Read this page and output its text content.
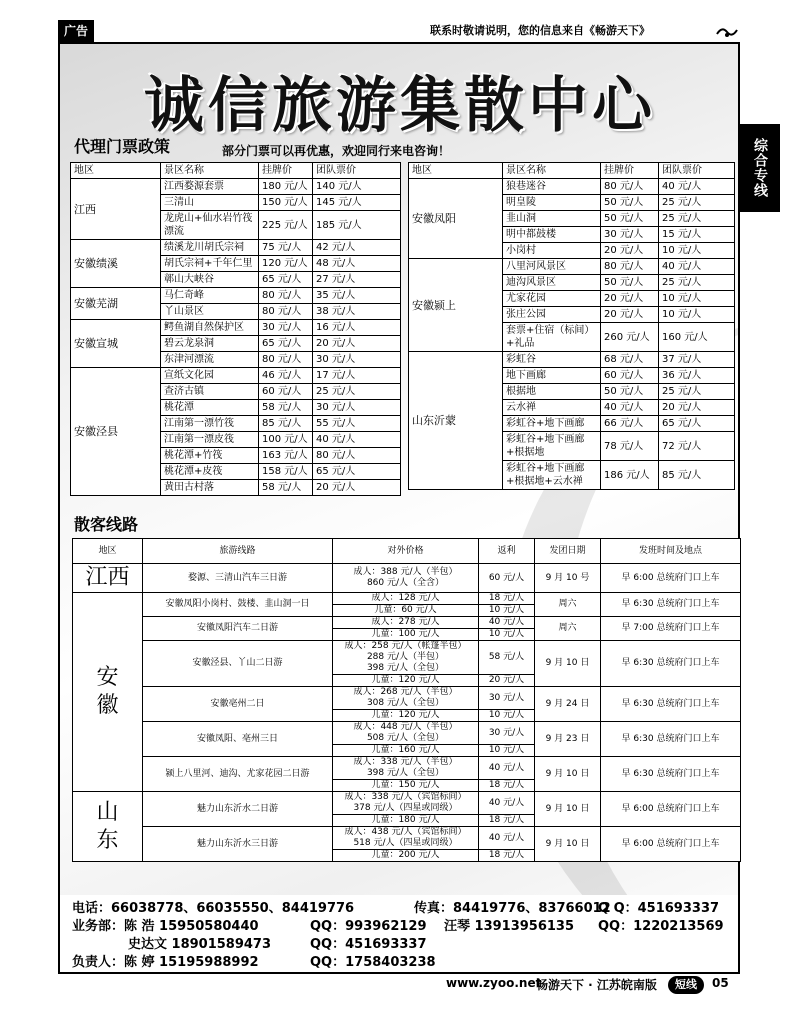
广告	联系时敬请说明，您的信息来自《畅游天下》
综合专线
诚信旅游集散中心
代理门票政策	部分门票可以再优惠，欢迎同行来电咨询！
地区	景区名称	挂牌价	团队票价
江西	江西婺源套票	180 元/人	140 元/人
	三清山	150 元/人	145 元/人
	龙虎山+仙水岩竹筏漂流	225 元/人	185 元/人
安徽绩溪	绩溪龙川胡氏宗祠	75 元/人	42 元/人
	胡氏宗祠+千年仁里	120 元/人	48 元/人
	鄣山大峡谷	65 元/人	27 元/人
安徽芜湖	马仁奇峰	80 元/人	35 元/人
	丫山景区	80 元/人	38 元/人
安徽宣城	鳄鱼湖自然保护区	30 元/人	16 元/人
	碧云龙泉洞	65 元/人	20 元/人
	东津河漂流	80 元/人	30 元/人
安徽泾县	宣纸文化园	46 元/人	17 元/人
	查济古镇	60 元/人	25 元/人
	桃花潭	58 元/人	30 元/人
	江南第一漂竹筏	85 元/人	55 元/人
	江南第一漂皮筏	100 元/人	40 元/人
	桃花潭+竹筏	163 元/人	80 元/人
	桃花潭+皮筏	158 元/人	65 元/人
	黄田古村落	58 元/人	20 元/人
地区	景区名称	挂牌价	团队票价
安徽凤阳	狼巷迷谷	80 元/人	40 元/人
	明皇陵	50 元/人	25 元/人
	韭山洞	50 元/人	25 元/人
	明中都鼓楼	30 元/人	15 元/人
	小岗村	20 元/人	10 元/人
安徽颍上	八里河风景区	80 元/人	40 元/人
	迪沟风景区	50 元/人	25 元/人
	尤家花园	20 元/人	10 元/人
	张庄公园	20 元/人	10 元/人
	套票+住宿（标间）+礼品	260 元/人	160 元/人
山东沂蒙	彩虹谷	68 元/人	37 元/人
	地下画廊	60 元/人	36 元/人
	根据地	50 元/人	25 元/人
	云水禅	40 元/人	20 元/人
	彩虹谷+地下画廊	66 元/人	65 元/人
	彩虹谷+地下画廊+根据地	78 元/人	72 元/人
	彩虹谷+地下画廊+根据地+云水禅	186 元/人	85 元/人
散客线路
地区	旅游线路	对外价格	返利	发团日期	发班时间及地点
江西	婺源、三清山汽车三日游	成人：388 元/人（半包）
860 元/人（全含）	60 元/人	9 月 10 号	早 6:00 总统府门口上车
安
徽	安徽凤阳小岗村、鼓楼、韭山洞一日	成人：128 元/人	18 元/人	周六	早 6:30 总统府门口上车
		儿童：60 元/人	10 元/人		
	安徽凤阳汽车二日游	成人：278 元/人	40 元/人	周六	早 7:00 总统府门口上车
		儿童：100 元/人	10 元/人		
	安徽泾县、丫山二日游	成人：258 元/人（帐篷半包）
288 元/人（半包）
398 元/人（全包）	58 元/人	9 月 10 日	早 6:30 总统府门口上车
		儿童：120 元/人	20 元/人		
	安徽亳州二日	成人：268 元/人（半包）
308 元/人（全包）	30 元/人	9 月 24 日	早 6:30 总统府门口上车
		儿童：120 元/人	10 元/人		
	安徽凤阳、亳州三日	成人：448 元/人（半包）
508 元/人（全包）	30 元/人	9 月 23 日	早 6:30 总统府门口上车
		儿童：160 元/人	10 元/人		
	颍上八里河、迪沟、尤家花园二日游	成人：338 元/人（半包）
398 元/人（全包）	40 元/人	9 月 10 日	早 6:30 总统府门口上车
		儿童：150 元/人	18 元/人		
山
东	魅力山东沂水二日游	成人：338 元/人（宾馆标间）
378 元/人（四星或同级）	40 元/人	9 月 10 日	早 6:00 总统府门口上车
		儿童：180 元/人	18 元/人		
	魅力山东沂水三日游	成人：438 元/人（宾馆标间）
518 元/人（四星或同级）	40 元/人	9 月 10 日	早 6:00 总统府门口上车
		儿童：200 元/人	18 元/人		
电话：66038778、66035550、84419776	传真：84419776、83766012
Q Q：451693337
业务部：陈 浩 15950580440	QQ：993962129 汪琴 13913956135 QQ：1220213569
史达文 18901589473	QQ：451693337
负责人：陈 婷 15195988992	QQ：1758403238
www.zyoo.net
畅游天下 · 江苏皖南版	短线	05
